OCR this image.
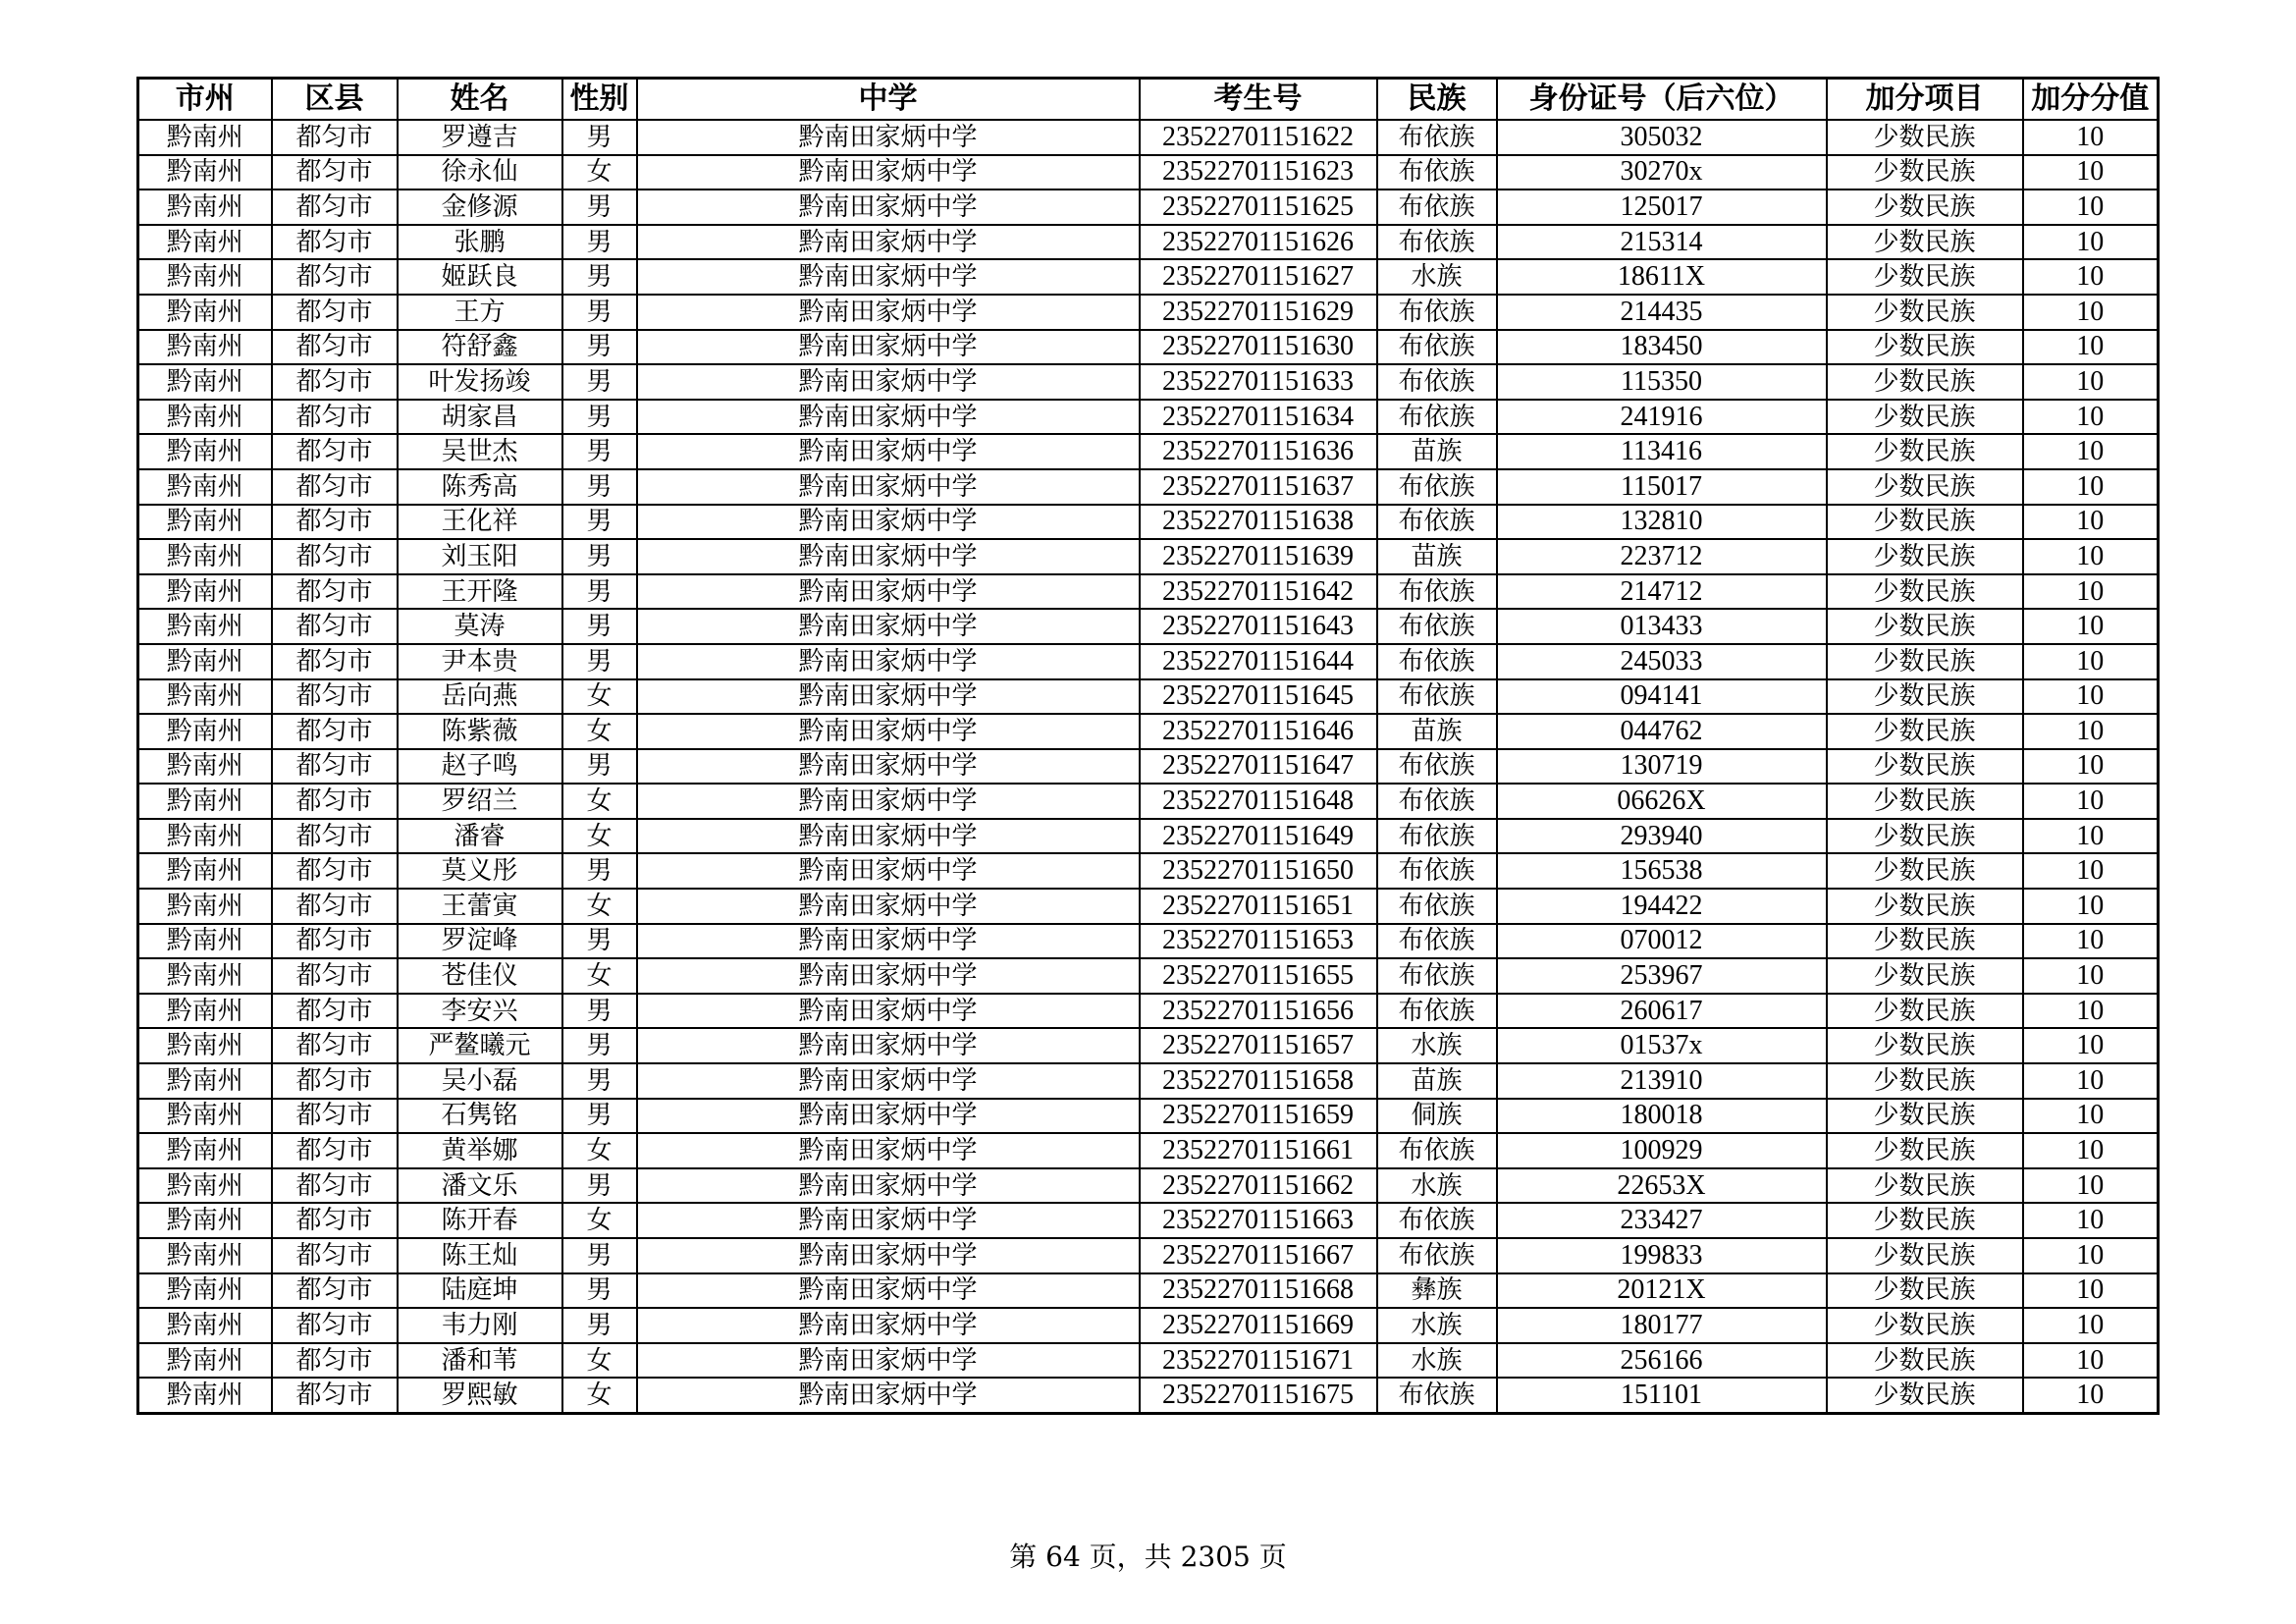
市州	区县	姓名	性别	中学	考生号	民族	身份证号（后六位）	加分项目	加分分值
黔南州	都匀市	罗遵吉	男	黔南田家炳中学	23522701151622	布依族	305032	少数民族	10
黔南州	都匀市	徐永仙	女	黔南田家炳中学	23522701151623	布依族	30270x	少数民族	10
黔南州	都匀市	金修源	男	黔南田家炳中学	23522701151625	布依族	125017	少数民族	10
黔南州	都匀市	张鹏	男	黔南田家炳中学	23522701151626	布依族	215314	少数民族	10
黔南州	都匀市	姬跃良	男	黔南田家炳中学	23522701151627	水族	18611X	少数民族	10
黔南州	都匀市	王方	男	黔南田家炳中学	23522701151629	布依族	214435	少数民族	10
黔南州	都匀市	符舒鑫	男	黔南田家炳中学	23522701151630	布依族	183450	少数民族	10
黔南州	都匀市	叶发扬竣	男	黔南田家炳中学	23522701151633	布依族	115350	少数民族	10
黔南州	都匀市	胡家昌	男	黔南田家炳中学	23522701151634	布依族	241916	少数民族	10
黔南州	都匀市	吴世杰	男	黔南田家炳中学	23522701151636	苗族	113416	少数民族	10
黔南州	都匀市	陈秀高	男	黔南田家炳中学	23522701151637	布依族	115017	少数民族	10
黔南州	都匀市	王化祥	男	黔南田家炳中学	23522701151638	布依族	132810	少数民族	10
黔南州	都匀市	刘玉阳	男	黔南田家炳中学	23522701151639	苗族	223712	少数民族	10
黔南州	都匀市	王开隆	男	黔南田家炳中学	23522701151642	布依族	214712	少数民族	10
黔南州	都匀市	莫涛	男	黔南田家炳中学	23522701151643	布依族	013433	少数民族	10
黔南州	都匀市	尹本贵	男	黔南田家炳中学	23522701151644	布依族	245033	少数民族	10
黔南州	都匀市	岳向燕	女	黔南田家炳中学	23522701151645	布依族	094141	少数民族	10
黔南州	都匀市	陈紫薇	女	黔南田家炳中学	23522701151646	苗族	044762	少数民族	10
黔南州	都匀市	赵子鸣	男	黔南田家炳中学	23522701151647	布依族	130719	少数民族	10
黔南州	都匀市	罗绍兰	女	黔南田家炳中学	23522701151648	布依族	06626X	少数民族	10
黔南州	都匀市	潘睿	女	黔南田家炳中学	23522701151649	布依族	293940	少数民族	10
黔南州	都匀市	莫义彤	男	黔南田家炳中学	23522701151650	布依族	156538	少数民族	10
黔南州	都匀市	王蕾寅	女	黔南田家炳中学	23522701151651	布依族	194422	少数民族	10
黔南州	都匀市	罗淀峰	男	黔南田家炳中学	23522701151653	布依族	070012	少数民族	10
黔南州	都匀市	苍佳仪	女	黔南田家炳中学	23522701151655	布依族	253967	少数民族	10
黔南州	都匀市	李安兴	男	黔南田家炳中学	23522701151656	布依族	260617	少数民族	10
黔南州	都匀市	严鳌曦元	男	黔南田家炳中学	23522701151657	水族	01537x	少数民族	10
黔南州	都匀市	吴小磊	男	黔南田家炳中学	23522701151658	苗族	213910	少数民族	10
黔南州	都匀市	石隽铭	男	黔南田家炳中学	23522701151659	侗族	180018	少数民族	10
黔南州	都匀市	黄举娜	女	黔南田家炳中学	23522701151661	布依族	100929	少数民族	10
黔南州	都匀市	潘文乐	男	黔南田家炳中学	23522701151662	水族	22653X	少数民族	10
黔南州	都匀市	陈开春	女	黔南田家炳中学	23522701151663	布依族	233427	少数民族	10
黔南州	都匀市	陈王灿	男	黔南田家炳中学	23522701151667	布依族	199833	少数民族	10
黔南州	都匀市	陆庭坤	男	黔南田家炳中学	23522701151668	彝族	20121X	少数民族	10
黔南州	都匀市	韦力刚	男	黔南田家炳中学	23522701151669	水族	180177	少数民族	10
黔南州	都匀市	潘和苇	女	黔南田家炳中学	23522701151671	水族	256166	少数民族	10
黔南州	都匀市	罗熙敏	女	黔南田家炳中学	23522701151675	布依族	151101	少数民族	10
第 64 页，共 2305 页
